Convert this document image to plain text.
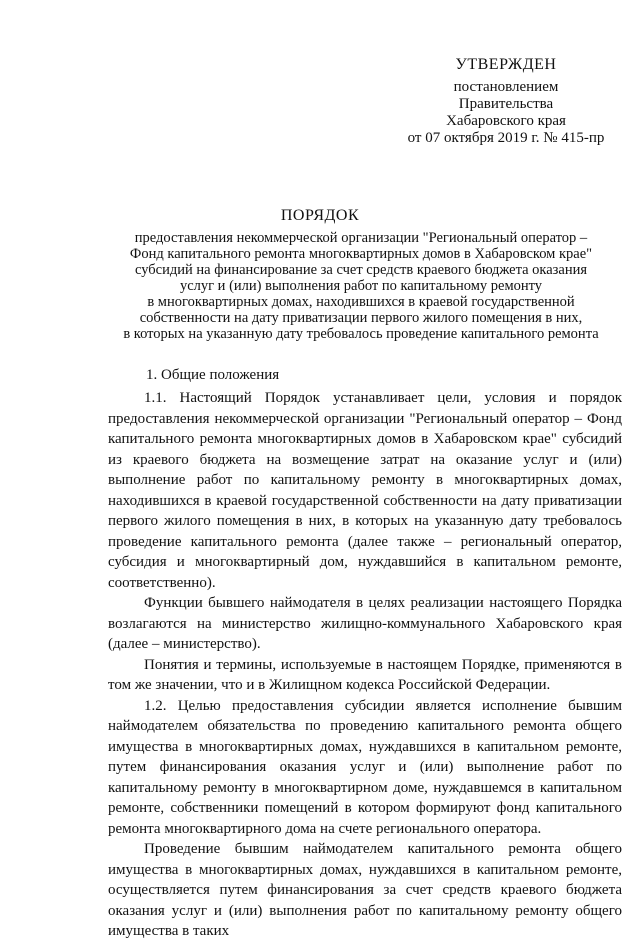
УТВЕРЖДЕН
постановлением
Правительства
Хабаровского края
от 07 октября 2019 г. № 415-пр
ПОРЯДОК
предоставления некоммерческой организации "Региональный оператор –
Фонд капитального ремонта многоквартирных домов в Хабаровском крае"
субсидий на финансирование за счет средств краевого бюджета оказания
услуг и (или) выполнения работ по капитальному ремонту
в многоквартирных домах, находившихся в краевой государственной
собственности на дату приватизации первого жилого помещения в них,
в которых на указанную дату требовалось проведение капитального ремонта
1. Общие положения

1.1. Настоящий Порядок устанавливает цели, условия и порядок предоставления некоммерческой организации "Региональный оператор – Фонд капитального ремонта многоквартирных домов в Хабаровском крае" субсидий из краевого бюджета на возмещение затрат на оказание услуг и (или) выполнение работ по капитальному ремонту в многоквартирных домах, находившихся в краевой государственной собственности на дату приватизации первого жилого помещения в них, в которых на указанную дату требовалось проведение капитального ремонта (далее также – региональный оператор, субсидия и многоквартирный дом, нуждавшийся в капитальном ремонте, соответственно).

Функции бывшего наймодателя в целях реализации настоящего Порядка возлагаются на министерство жилищно-коммунального Хабаровского края (далее – министерство).

Понятия и термины, используемые в настоящем Порядке, применяются в том же значении, что и в Жилищном кодекса Российской Федерации.

1.2. Целью предоставления субсидии является исполнение бывшим наймодателем обязательства по проведению капитального ремонта общего имущества в многоквартирных домах, нуждавшихся в капитальном ремонте, путем финансирования оказания услуг и (или) выполнение работ по капитальному ремонту в многоквартирном доме, нуждавшемся в капитальном ремонте, собственники помещений в котором формируют фонд капитального ремонта многоквартирного дома на счете регионального оператора.

Проведение бывшим наймодателем капитального ремонта общего имущества в многоквартирных домах, нуждавшихся в капитальном ремонте, осуществляется путем финансирования за счет средств краевого бюджета оказания услуг и (или) выполнения работ по капитальному ремонту общего имущества в таких
